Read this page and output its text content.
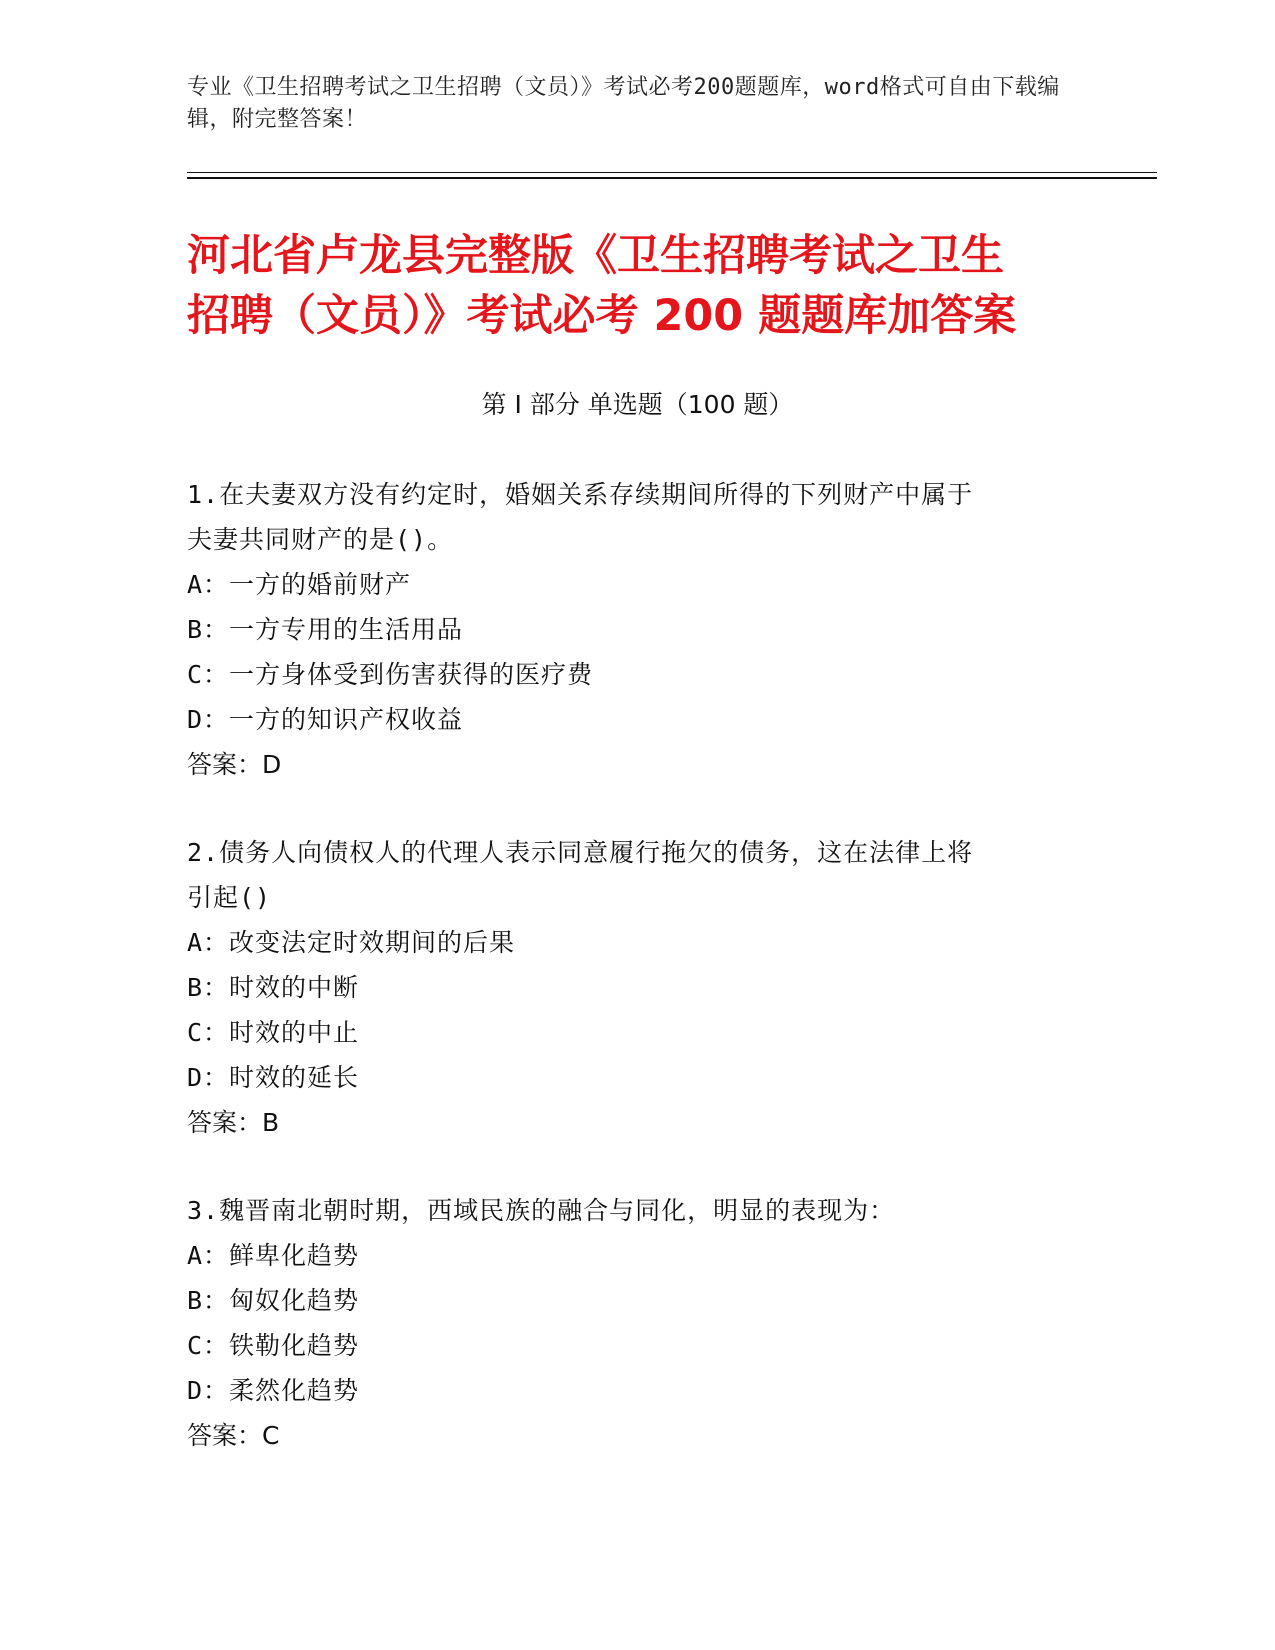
专业《卫生招聘考试之卫生招聘（文员）》考试必考200题题库，word格式可自由下载编辑，附完整答案！
河北省卢龙县完整版《卫生招聘考试之卫生
招聘（文员）》考试必考 200 题题库加答案
第 I 部分 单选题（100 题）
1.在夫妻双方没有约定时，婚姻关系存续期间所得的下列财产中属于
夫妻共同财产的是()。
A：一方的婚前财产
B：一方专用的生活用品
C：一方身体受到伤害获得的医疗费
D：一方的知识产权收益
答案：D
2.债务人向债权人的代理人表示同意履行拖欠的债务，这在法律上将
引起()
A：改变法定时效期间的后果
B：时效的中断
C：时效的中止
D：时效的延长
答案：B
3.魏晋南北朝时期，西域民族的融合与同化，明显的表现为：
A：鲜卑化趋势
B：匈奴化趋势
C：铁勒化趋势
D：柔然化趋势
答案：C
